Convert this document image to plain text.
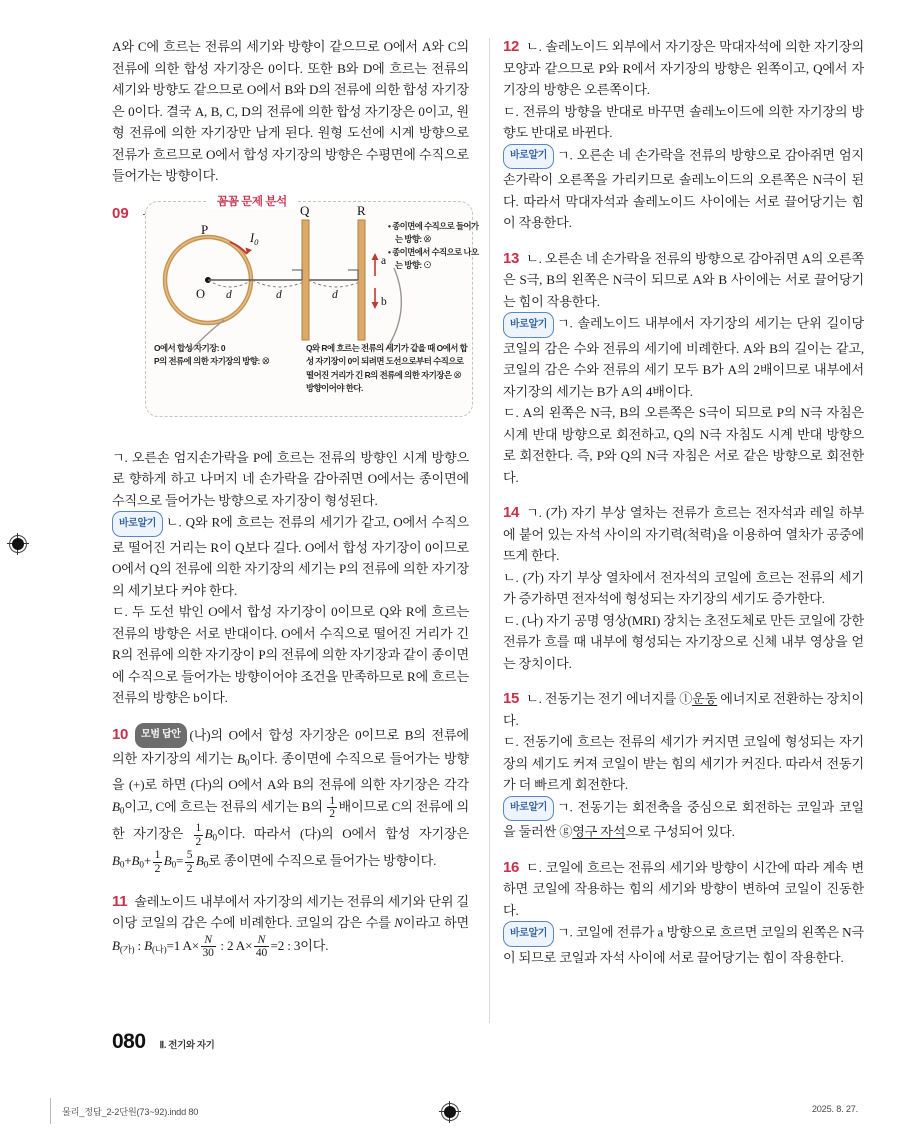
A와 C에 흐르는 전류의 세기와 방향이 같으므로 O에서 A와 C의 전류에 의한 합성 자기장은 0이다. 또한 B와 D에 흐르는 전류의 세기와 방향도 같으므로 O에서 B와 D의 전류에 의한 합성 자기장은 0이다. 결국 A, B, C, D의 전류에 의한 합성 자기장은 0이고, 원형 전류에 의한 자기장만 남게 된다. 원형 도선에 시계 방향으로 전류가 흐르므로 O에서 합성 자기장의 방향은 수평면에 수직으로 들어가는 방향이다.

09
꼼꼼 문제 분석
P
$I_0$
O d	d	d
Q	R
a
b
• 종이면에 수직으로 들어가는 방향: ⊗
• 종이면에서 수직으로 나오는 방향: ⊙
O에서 합성 자기장: 0
P의 전류에 의한 자기장의 방향: ⊗
Q와 R에 흐르는 전류의 세기가 같을 때 O에서 합성 자기장이 0이 되려면 도선으로부터 수직으로 떨어진 거리가 긴 R의 전류에 의한 자기장은 ⊗ 방향이어야 한다.

ㄱ. 오른손 엄지손가락을 P에 흐르는 전류의 방향인 시계 방향으로 향하게 하고 나머지 네 손가락을 감아쥐면 O에서는 종이면에 수직으로 들어가는 방향으로 자기장이 형성된다.

바로알기 ㄴ. Q와 R에 흐르는 전류의 세기가 같고, O에서 수직으로 떨어진 거리는 R이 Q보다 길다. O에서 합성 자기장이 0이므로 O에서 Q의 전류에 의한 자기장의 세기는 P의 전류에 의한 자기장의 세기보다 커야 한다.

ㄷ. 두 도선 밖인 O에서 합성 자기장이 0이므로 Q와 R에 흐르는 전류의 방향은 서로 반대이다. O에서 수직으로 떨어진 거리가 긴 R의 전류에 의한 자기장이 P의 전류에 의한 자기장과 같이 종이면에 수직으로 들어가는 방향이어야 조건을 만족하므로 R에 흐르는 전류의 방향은 b이다.

10 모범 답안 (나)의 O에서 합성 자기장은 0이므로 B의 전류에 의한 자기장의 세기는 $B_0$이다. 종이면에 수직으로 들어가는 방향을 (+)로 하면 (다)의 O에서 A와 B의 전류에 의한 자기장은 각각 $B_0$이고, C에 흐르는 전류의 세기는 B의 $\frac{1}{2}$ 배이므로 C의 전류에 의한 자기장은 $\frac{1}{2} B_0$이다. 따라서 (다)의 O에서 합성 자기장은 $B_0+B_0+ \frac{1}{2} B_0= \frac{5}{2} B_0$로 종이면에 수직으로 들어가는 방향이다.

11 솔레노이드 내부에서 자기장의 세기는 전류의 세기와 단위 길이당 코일의 감은 수에 비례한다. 코일의 감은 수를 N이라고 하면 $B_{(가)}$ : $B_{(나)}=1$ $A\times \frac{N}{30}$ : 2 $A\times \frac{N}{40} =2$ : 3이다.

12 ㄴ. 솔레노이드 외부에서 자기장은 막대자석에 의한 자기장의 모양과 같으므로 P와 R에서 자기장의 방향은 왼쪽이고, Q에서 자기장의 방향은 오른쪽이다.

ㄷ. 전류의 방향을 반대로 바꾸면 솔레노이드에 의한 자기장의 방향도 반대로 바뀐다.

바로알기 ㄱ. 오른손 네 손가락을 전류의 방향으로 감아쥐면 엄지손가락이 오른쪽을 가리키므로 솔레노이드의 오른쪽은 N극이 된다. 따라서 막대자석과 솔레노이드 사이에는 서로 끌어당기는 힘이 작용한다.

13 ㄴ. 오른손 네 손가락을 전류의 방향으로 감아쥐면 A의 오른쪽은 S극, B의 왼쪽은 N극이 되므로 A와 B 사이에는 서로 끌어당기는 힘이 작용한다.

바로알기 ㄱ. 솔레노이드 내부에서 자기장의 세기는 단위 길이당 코일의 감은 수와 전류의 세기에 비례한다. A와 B의 길이는 같고, 코일의 감은 수와 전류의 세기 모두 B가 A의 2배이므로 내부에서 자기장의 세기는 B가 A의 4배이다.

ㄷ. A의 왼쪽은 N극, B의 오른쪽은 S극이 되므로 P의 N극 자침은 시계 반대 방향으로 회전하고, Q의 N극 자침도 시계 반대 방향으로 회전한다. 즉, P와 Q의 N극 자침은 서로 같은 방향으로 회전한다.

14 ㄱ. (가) 자기 부상 열차는 전류가 흐르는 전자석과 레일 하부에 붙어 있는 자석 사이의 자기력(척력)을 이용하여 열차가 공중에 뜨게 한다.

ㄴ. (가) 자기 부상 열차에서 전자석의 코일에 흐르는 전류의 세기가 증가하면 전자석에 형성되는 자기장의 세기도 증가한다.

ㄷ. (나) 자기 공명 영상(MRI) 장치는 초전도체로 만든 코일에 강한 전류가 흐를 때 내부에 형성되는 자기장으로 신체 내부 영상을 얻는 장치이다.

15 ㄴ. 전동기는 전기 에너지를 ⓛ운동 에너지로 전환하는 장치이다.

ㄷ. 전동기에 흐르는 전류의 세기가 커지면 코일에 형성되는 자기장의 세기도 커져 코일이 받는 힘의 세기가 커진다. 따라서 전동기가 더 빠르게 회전한다.

바로알기 ㄱ. 전동기는 회전축을 중심으로 회전하는 코일과 코일을 둘러싼 ⓖ영구 자석으로 구성되어 있다.

16 ㄷ. 코일에 흐르는 전류의 세기와 방향이 시간에 따라 계속 변하면 코일에 작용하는 힘의 세기와 방향이 변하여 코일이 진동한다.

바로알기 ㄱ. 코일에 전류가 a 방향으로 흐르면 코일의 왼쪽은 N극이 되므로 코일과 자석 사이에 서로 끌어당기는 힘이 작용한다.

080 Ⅱ. 전기와 자기
물리_정답_2-2단원(73~92).indd 80	2025. 8. 27.
